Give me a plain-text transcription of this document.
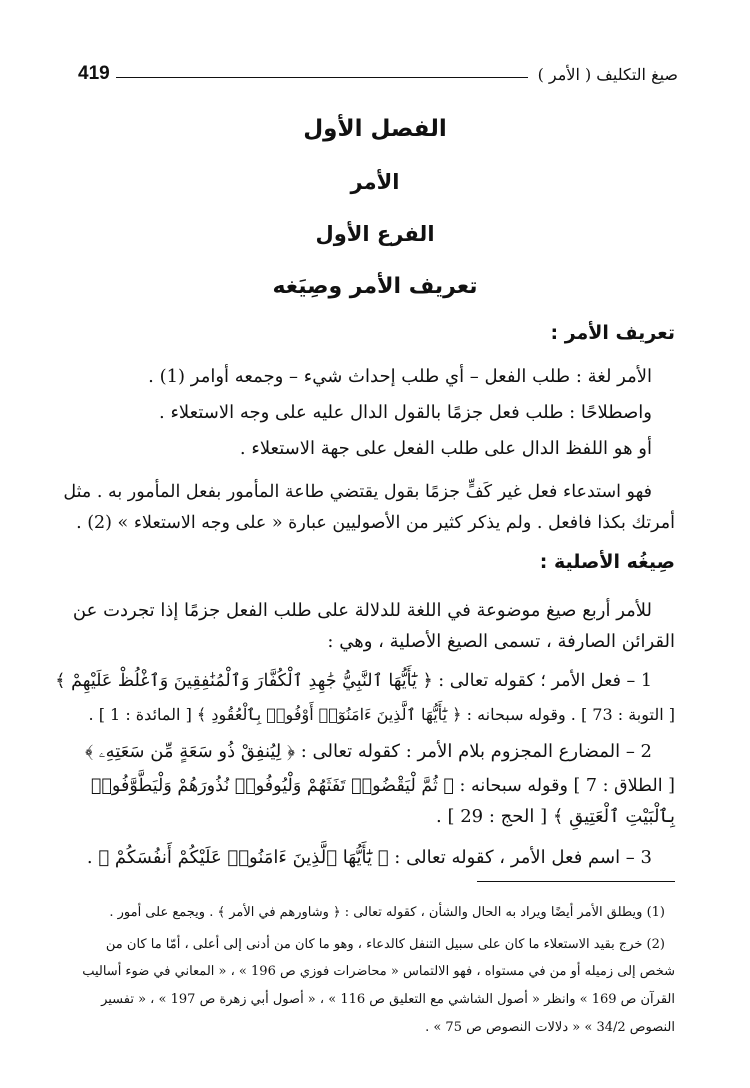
419	صيغ التكليف ( الأمر )
الفصل الأول
الأمر
الفرع الأول
تعريف الأمر وصِيَغه
تعريف الأمر :
الأمر لغة : طلب الفعل – أي طلب إحداث شيء – وجمعه أوامر (1) .
واصطلاحًا : طلب فعل جزمًا بالقول الدال عليه على وجه الاستعلاء .
أو هو اللفظ الدال على طلب الفعل على جهة الاستعلاء .
فهو استدعاء فعل غير كَفٍّ جزمًا بقول يقتضي طاعة المأمور بفعل المأمور به . مثل
أمرتك بكذا فافعل . ولم يذكر كثير من الأصوليين عبارة « على وجه الاستعلاء » (2) .
صِيغُه الأصلية :
للأمر أربع صيغ موضوعة في اللغة للدلالة على طلب الفعل جزمًا إذا تجردت عن
القرائن الصارفة ، تسمى الصيغ الأصلية ، وهي :
1 – فعل الأمر ؛ كقوله تعالى : ﴿ يَٰٓأَيُّهَا ٱلنَّبِيُّ جَٰهِدِ ٱلْكُفَّارَ وَٱلْمُنَٰفِقِينَ وَٱغْلُظْ عَلَيْهِمْ ﴾
[ التوبة : 73 ] . وقوله سبحانه : ﴿ يَٰٓأَيُّهَا ٱلَّذِينَ ءَامَنُوٓا۟ أَوْفُوا۟ بِٱلْعُقُودِ ﴾ [ المائدة : 1 ] .
2 – المضارع المجزوم بلام الأمر : كقوله تعالى : ﴿ لِيُنفِقْ ذُو سَعَةٍ مِّن سَعَتِهِۦ ﴾
[ الطلاق : 7 ] وقوله سبحانه : ﴿ ثُمَّ لْيَقْضُوا۟ تَفَثَهُمْ وَلْيُوفُوا۟ نُذُورَهُمْ وَلْيَطَّوَّفُوا۟
بِٱلْبَيْتِ ٱلْعَتِيقِ ﴾ [ الحج : 29 ] .
3 – اسم فعل الأمر ، كقوله تعالى : ﴿ يَٰٓأَيُّهَا ٱلَّذِينَ ءَامَنُوا۟ عَلَيْكُمْ أَنفُسَكُمْ ﴾ .
(1) ويطلق الأمر أيضًا ويراد به الحال والشأن ، كقوله تعالى : ﴿ وشاورهم في الأمر ﴾ . ويجمع على أمور .
(2) خرج بقيد الاستعلاء ما كان على سبيل التنفل كالدعاء ، وهو ما كان من أدنى إلى أعلى ، أمّا ما كان من
شخص إلى زميله أو من في مستواه ، فهو الالتماس « محاضرات فوزي ص 196 » ، « المعاني في ضوء أساليب
القرآن ص 169 » وانظر « أصول الشاشي مع التعليق ص 116 » ، « أصول أبي زهرة ص 197 » ، « تفسير
النصوص 34/2 » « دلالات النصوص ص 75 » .
